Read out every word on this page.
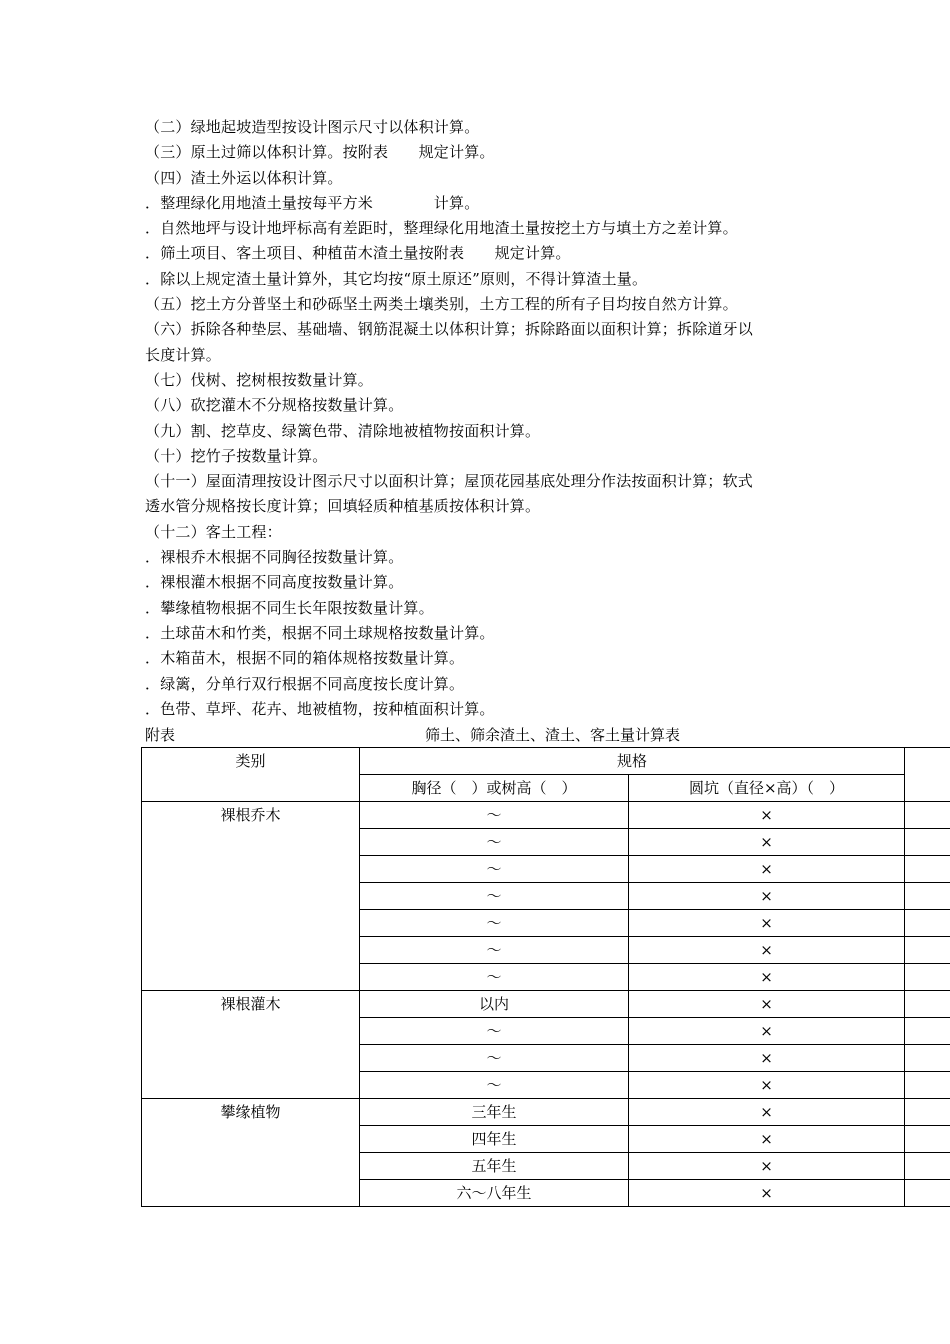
（二）绿地起坡造型按设计图示尺寸以体积计算。
（三）原土过筛以体积计算。按附表　　规定计算。
（四）渣土外运以体积计算。
．整理绿化用地渣土量按每平方米　　　　计算。
．自然地坪与设计地坪标高有差距时，整理绿化用地渣土量按挖土方与填土方之差计算。
．筛土项目、客土项目、种植苗木渣土量按附表　　规定计算。
．除以上规定渣土量计算外，其它均按“原土原还”原则，不得计算渣土量。
（五）挖土方分普坚土和砂砾坚土两类土壤类别，土方工程的所有子目均按自然方计算。
（六）拆除各种垫层、基础墙、钢筋混凝土以体积计算；拆除路面以面积计算；拆除道牙以
长度计算。
（七）伐树、挖树根按数量计算。
（八）砍挖灌木不分规格按数量计算。
（九）割、挖草皮、绿篱色带、清除地被植物按面积计算。
（十）挖竹子按数量计算。
（十一）屋面清理按设计图示尺寸以面积计算；屋顶花园基底处理分作法按面积计算；软式
透水管分规格按长度计算；回填轻质种植基质按体积计算。
（十二）客土工程：
．裸根乔木根据不同胸径按数量计算。
．裸根灌木根据不同高度按数量计算。
．攀缘植物根据不同生长年限按数量计算。
．土球苗木和竹类，根据不同土球规格按数量计算。
．木箱苗木，根据不同的箱体规格按数量计算。
．绿篱，分单行双行根据不同高度按长度计算。
．色带、草坪、花卉、地被植物，按种植面积计算。
附表	筛土、筛余渣土、渣土、客土量计算表
类别	规格		
	胸径（　）或树高（　）	圆坑（直径×高）（　）	
裸根乔木	～	×	
	～	×	
	～	×	
	～	×	
	～	×	
	～	×	
	～	×	
裸根灌木	以内	×	
	～	×	
	～	×	
	～	×	
攀缘植物	三年生	×	
	四年生	×	
	五年生	×	
	六～八年生	×	
